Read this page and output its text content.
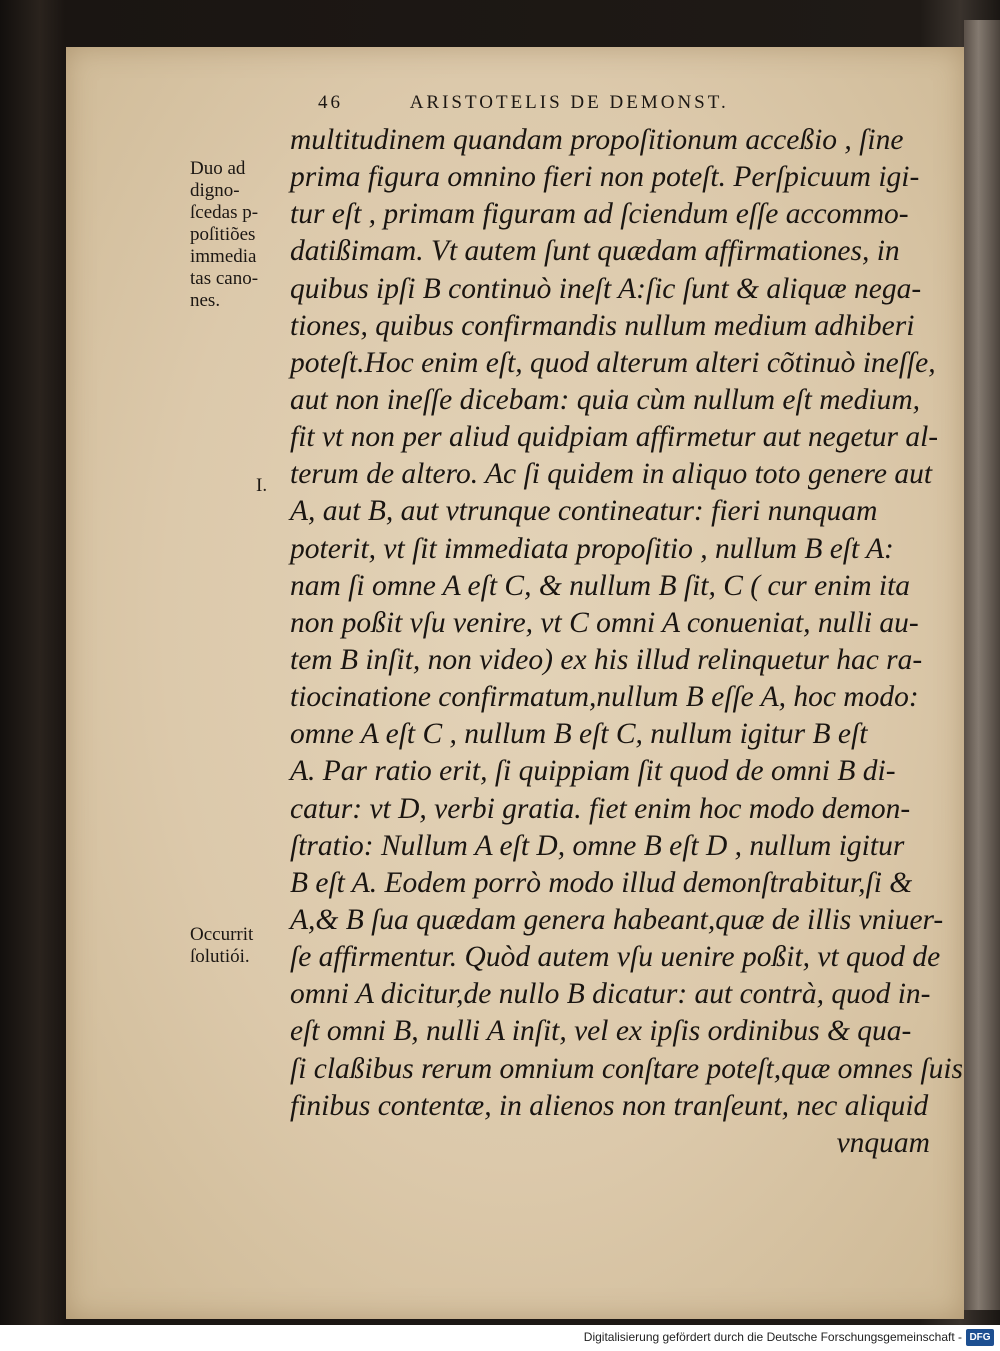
46	ARISTOTELIS DE DEMONST.
multitudinem quandam propoſitionum acceßio , ſine
prima figura omnino fieri non poteſt. Perſpicuum igi-
tur eſt , primam figuram ad ſciendum eſſe accommo-
datißimam. Vt autem ſunt quædam affirmationes, in
quibus ipſi B continuò ineſt A:ſic ſunt & aliquæ nega-
tiones, quibus confirmandis nullum medium adhiberi
poteſt.Hoc enim eſt, quod alterum alteri cõtinuò ineſſe,
aut non ineſſe dicebam: quia cùm nullum eſt medium,
fit vt non per aliud quidpiam affirmetur aut negetur al-
terum de altero. Ac ſi quidem in aliquo toto genere aut
A, aut B, aut vtrunque contineatur: fieri nunquam
poterit, vt ſit immediata propoſitio , nullum B eſt A:
nam ſi omne A eſt C, & nullum B ſit, C ( cur enim ita
non poßit vſu venire, vt C omni A conueniat, nulli au-
tem B inſit, non video) ex his illud relinquetur hac ra-
tiocinatione confirmatum,nullum B eſſe A, hoc modo:
omne A eſt C , nullum B eſt C, nullum igitur B eſt
A. Par ratio erit, ſi quippiam ſit quod de omni B di-
catur: vt D, verbi gratia. fiet enim hoc modo demon-
ſtratio: Nullum A eſt D, omne B eſt D , nullum igitur
B eſt A. Eodem porrò modo illud demonſtrabitur,ſi &
A,& B ſua quædam genera habeant,quæ de illis vniuer-
ſe affirmentur. Quòd autem vſu uenire poßit, vt quod de
omni A dicitur,de nullo B dicatur: aut contrà, quod in-
eſt omni B, nulli A inſit, vel ex ipſis ordinibus & qua-
ſi claßibus rerum omnium conſtare poteſt,quæ omnes ſuis
finibus contentæ, in alienos non tranſeunt, nec aliquid
vnquam
Duo ad
digno-
ſcedas p-
poſitiões
immedia
tas cano-
nes.
I.
Occurrit
ſolutiói.
Digitalisierung gefördert durch die Deutsche Forschungsgemeinschaft - DFG
